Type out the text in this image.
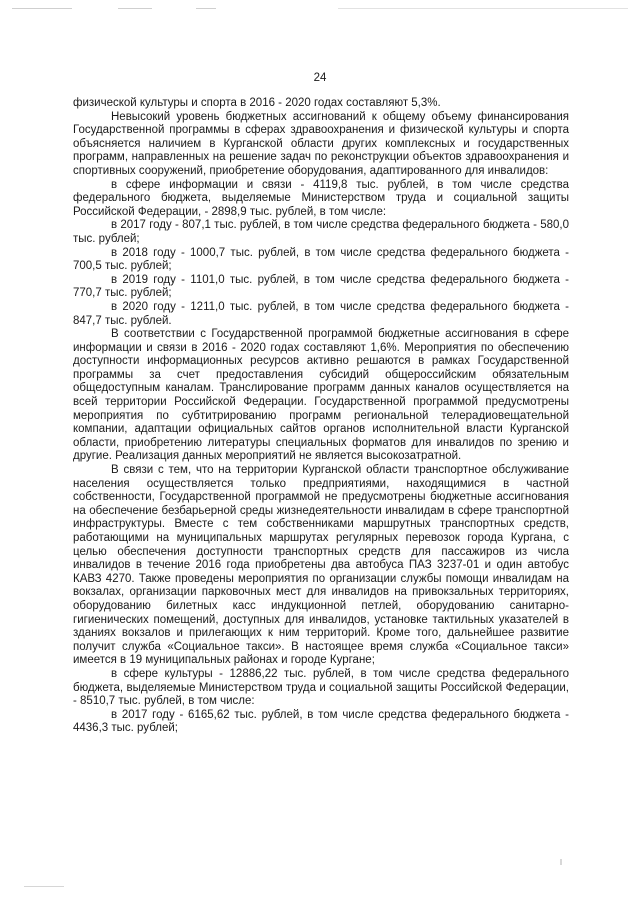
24

физической культуры и спорта в 2016 - 2020 годах составляют 5,3%.

Невысокий уровень бюджетных ассигнований к общему объему финансирования Государственной программы в сферах здравоохранения и физической культуры и спорта объясняется наличием в Курганской области других комплексных и государственных программ, направленных на решение задач по реконструкции объектов здравоохранения и спортивных сооружений, приобретение оборудования, адаптированного для инвалидов:

в сфере информации и связи - 4119,8 тыс. рублей, в том числе средства федерального бюджета, выделяемые Министерством труда и социальной защиты Российской Федерации, - 2898,9 тыс. рублей, в том числе:

в 2017 году - 807,1 тыс. рублей, в том числе средства федерального бюджета - 580,0 тыс. рублей;

в 2018 году - 1000,7 тыс. рублей, в том числе средства федерального бюджета - 700,5 тыс. рублей;

в 2019 году - 1101,0 тыс. рублей, в том числе средства федерального бюджета - 770,7 тыс. рублей;

в 2020 году - 1211,0 тыс. рублей, в том числе средства федерального бюджета - 847,7 тыс. рублей.

В соответствии с Государственной программой бюджетные ассигнования в сфере информации и связи в 2016 - 2020 годах составляют 1,6%. Мероприятия по обеспечению доступности информационных ресурсов активно решаются в рамках Государственной программы за счет предоставления субсидий общероссийским обязательным общедоступным каналам. Транслирование программ данных каналов осуществляется на всей территории Российской Федерации. Государственной программой предусмотрены мероприятия по субтитрированию программ региональной телерадиовещательной компании, адаптации официальных сайтов органов исполнительной власти Курганской области, приобретению литературы специальных форматов для инвалидов по зрению и другие. Реализация данных мероприятий не является высокозатратной.

В связи с тем, что на территории Курганской области транспортное обслуживание населения осуществляется только предприятиями, находящимися в частной собственности, Государственной программой не предусмотрены бюджетные ассигнования на обеспечение безбарьерной среды жизнедеятельности инвалидам в сфере транспортной инфраструктуры. Вместе с тем собственниками маршрутных транспортных средств, работающими на муниципальных маршрутах регулярных перевозок города Кургана, с целью обеспечения доступности транспортных средств для пассажиров из числа инвалидов в течение 2016 года приобретены два автобуса ПАЗ 3237-01 и один автобус КАВЗ 4270. Также проведены мероприятия по организации службы помощи инвалидам на вокзалах, организации парковочных мест для инвалидов на привокзальных территориях, оборудованию билетных касс индукционной петлей, оборудованию санитарно-гигиенических помещений, доступных для инвалидов, установке тактильных указателей в зданиях вокзалов и прилегающих к ним территорий. Кроме того, дальнейшее развитие получит служба «Социальное такси». В настоящее время служба «Социальное такси» имеется в 19 муниципальных районах и городе Кургане;

в сфере культуры - 12886,22 тыс. рублей, в том числе средства федерального бюджета, выделяемые Министерством труда и социальной защиты Российской Федерации, - 8510,7 тыс. рублей, в том числе:

в 2017 году - 6165,62 тыс. рублей, в том числе средства федерального бюджета - 4436,3 тыс. рублей;
